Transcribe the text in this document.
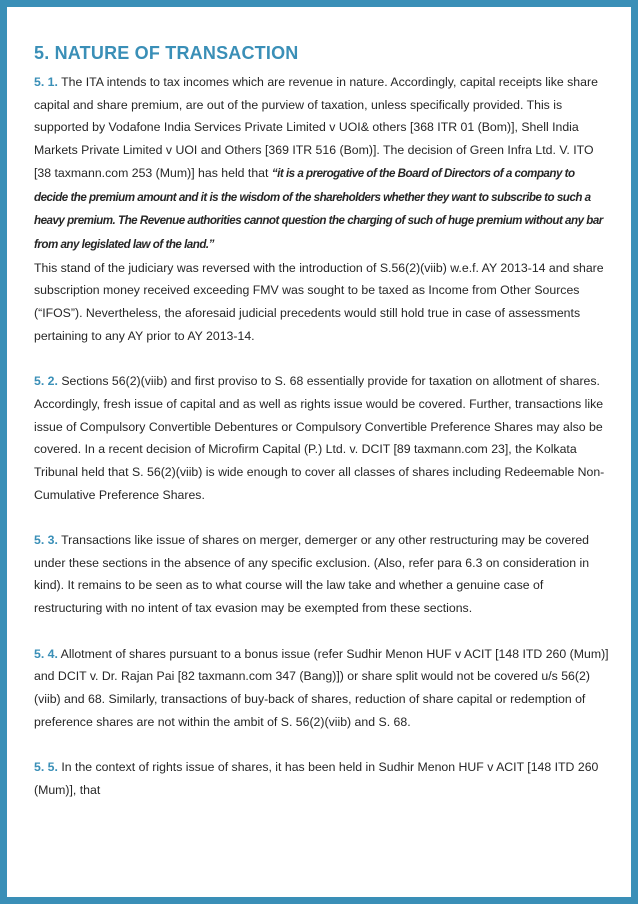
5. NATURE OF TRANSACTION

5. 1. The ITA intends to tax incomes which are revenue in nature. Accordingly, capital receipts like share capital and share premium, are out of the purview of taxation, unless specifically provided. This is supported by Vodafone India Services Private Limited v UOI& others [368 ITR 01 (Bom)], Shell India Markets Private Limited v UOI and Others [369 ITR 516 (Bom)]. The decision of Green Infra Ltd. V. ITO [38 taxmann.com 253 (Mum)] has held that “it is a prerogative of the Board of Directors of a company to decide the premium amount and it is the wisdom of the shareholders whether they want to subscribe to such a heavy premium. The Revenue authorities cannot question the charging of such of huge premium without any bar from any legislated law of the land.”

This stand of the judiciary was reversed with the introduction of S.56(2)(viib) w.e.f. AY 2013-14 and share subscription money received exceeding FMV was sought to be taxed as Income from Other Sources (“IFOS”). Nevertheless, the aforesaid judicial precedents would still hold true in case of assessments pertaining to any AY prior to AY 2013-14.

5. 2. Sections 56(2)(viib) and first proviso to S. 68 essentially provide for taxation on allotment of shares. Accordingly, fresh issue of capital and as well as rights issue would be covered. Further, transactions like issue of Compulsory Convertible Debentures or Compulsory Convertible Preference Shares may also be covered. In a recent decision of Microfirm Capital (P.) Ltd. v. DCIT [89 taxmann.com 23], the Kolkata Tribunal held that S. 56(2)(viib) is wide enough to cover all classes of shares including Redeemable Non-Cumulative Preference Shares.

5. 3. Transactions like issue of shares on merger, demerger or any other restructuring may be covered under these sections in the absence of any specific exclusion. (Also, refer para 6.3 on consideration in kind). It remains to be seen as to what course will the law take and whether a genuine case of restructuring with no intent of tax evasion may be exempted from these sections.

5. 4. Allotment of shares pursuant to a bonus issue (refer Sudhir Menon HUF v ACIT [148 ITD 260 (Mum)] and DCIT v. Dr. Rajan Pai [82 taxmann.com 347 (Bang)]) or share split would not be covered u/s 56(2)(viib) and 68. Similarly, transactions of buy-back of shares, reduction of share capital or redemption of preference shares are not within the ambit of S. 56(2)(viib) and S. 68.

5. 5. In the context of rights issue of shares, it has been held in Sudhir Menon HUF v ACIT [148 ITD 260 (Mum)], that
